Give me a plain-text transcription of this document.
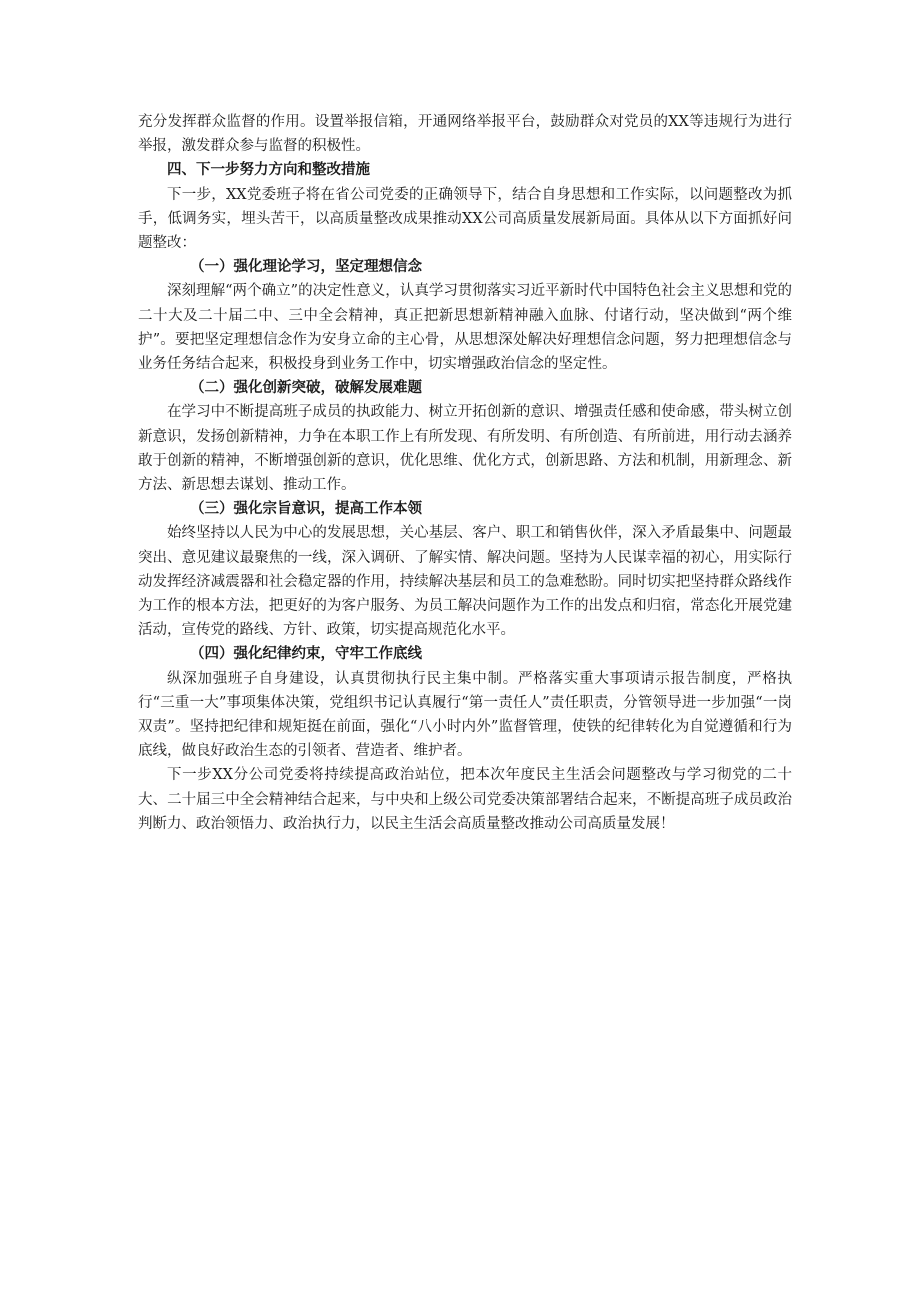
充分发挥群众监督的作用。设置举报信箱，开通网络举报平台，鼓励群众对党员的XX等违规行为进行举报，激发群众参与监督的积极性。

四、下一步努力方向和整改措施

下一步，XX党委班子将在省公司党委的正确领导下，结合自身思想和工作实际，以问题整改为抓手，低调务实，埋头苦干，以高质量整改成果推动XX公司高质量发展新局面。具体从以下方面抓好问题整改：

（一）强化理论学习，坚定理想信念

深刻理解“两个确立”的决定性意义，认真学习贯彻落实习近平新时代中国特色社会主义思想和党的二十大及二十届二中、三中全会精神，真正把新思想新精神融入血脉、付诸行动，坚决做到“两个维护”。要把坚定理想信念作为安身立命的主心骨，从思想深处解决好理想信念问题，努力把理想信念与业务任务结合起来，积极投身到业务工作中，切实增强政治信念的坚定性。

（二）强化创新突破，破解发展难题

在学习中不断提高班子成员的执政能力、树立开拓创新的意识、增强责任感和使命感，带头树立创新意识，发扬创新精神，力争在本职工作上有所发现、有所发明、有所创造、有所前进，用行动去涵养敢于创新的精神，不断增强创新的意识，优化思维、优化方式，创新思路、方法和机制，用新理念、新方法、新思想去谋划、推动工作。

（三）强化宗旨意识，提高工作本领

始终坚持以人民为中心的发展思想，关心基层、客户、职工和销售伙伴，深入矛盾最集中、问题最突出、意见建议最聚焦的一线，深入调研、了解实情、解决问题。坚持为人民谋幸福的初心，用实际行动发挥经济减震器和社会稳定器的作用，持续解决基层和员工的急难愁盼。同时切实把坚持群众路线作为工作的根本方法，把更好的为客户服务、为员工解决问题作为工作的出发点和归宿，常态化开展党建活动，宣传党的路线、方针、政策，切实提高规范化水平。

（四）强化纪律约束，守牢工作底线

纵深加强班子自身建设，认真贯彻执行民主集中制。严格落实重大事项请示报告制度，严格执行“三重一大”事项集体决策，党组织书记认真履行“第一责任人”责任职责，分管领导进一步加强“一岗双责”。坚持把纪律和规矩挺在前面，强化“八小时内外”监督管理，使铁的纪律转化为自觉遵循和行为底线，做良好政治生态的引领者、营造者、维护者。

下一步XX分公司党委将持续提高政治站位，把本次年度民主生活会问题整改与学习彻党的二十大、二十届三中全会精神结合起来，与中央和上级公司党委决策部署结合起来，不断提高班子成员政治判断力、政治领悟力、政治执行力，以民主生活会高质量整改推动公司高质量发展！
